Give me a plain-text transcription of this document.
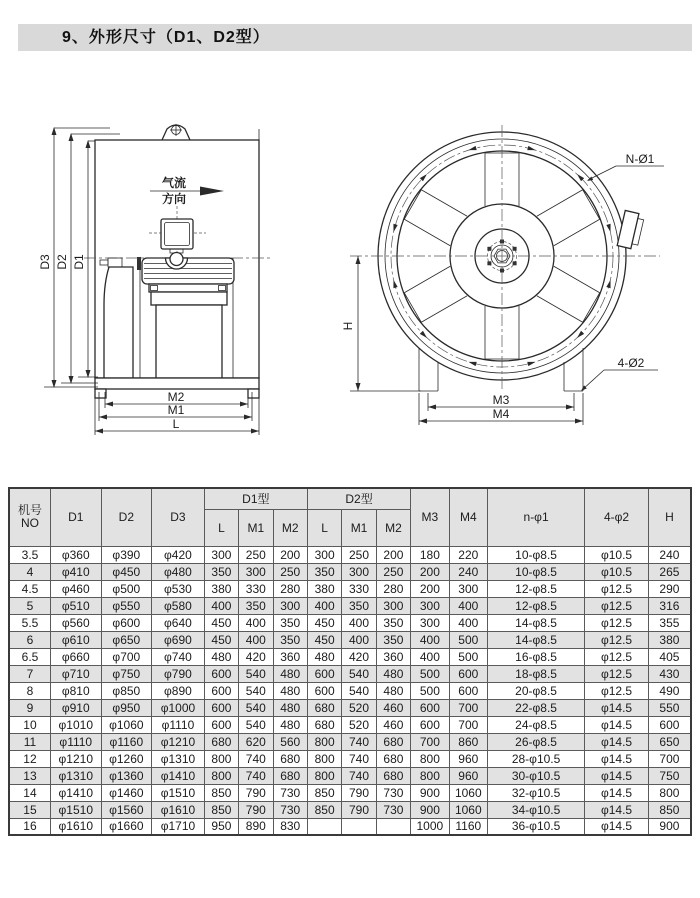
9、外形尺寸（D1、D2型）
气流
方向
D3 D2 D1
M2
M1
L
H
M3
M4
N-Ø1
4-Ø2
机号
NO	D1	D2	D3	D1型			D2型			M3	M4	n-φ1	4-φ2	H
				L	M1	M2	L	M1	M2					
3.5	φ360	φ390	φ420	300	250	200	300	250	200	180	220	10-φ8.5	φ10.5	240
4	φ410	φ450	φ480	350	300	250	350	300	250	200	240	10-φ8.5	φ10.5	265
4.5	φ460	φ500	φ530	380	330	280	380	330	280	200	300	12-φ8.5	φ12.5	290
5	φ510	φ550	φ580	400	350	300	400	350	300	300	400	12-φ8.5	φ12.5	316
5.5	φ560	φ600	φ640	450	400	350	450	400	350	300	400	14-φ8.5	φ12.5	355
6	φ610	φ650	φ690	450	400	350	450	400	350	400	500	14-φ8.5	φ12.5	380
6.5	φ660	φ700	φ740	480	420	360	480	420	360	400	500	16-φ8.5	φ12.5	405
7	φ710	φ750	φ790	600	540	480	600	540	480	500	600	18-φ8.5	φ12.5	430
8	φ810	φ850	φ890	600	540	480	600	540	480	500	600	20-φ8.5	φ12.5	490
9	φ910	φ950	φ1000	600	540	480	680	520	460	600	700	22-φ8.5	φ14.5	550
10	φ1010	φ1060	φ1110	600	540	480	680	520	460	600	700	24-φ8.5	φ14.5	600
11	φ1110	φ1160	φ1210	680	620	560	800	740	680	700	860	26-φ8.5	φ14.5	650
12	φ1210	φ1260	φ1310	800	740	680	800	740	680	800	960	28-φ10.5	φ14.5	700
13	φ1310	φ1360	φ1410	800	740	680	800	740	680	800	960	30-φ10.5	φ14.5	750
14	φ1410	φ1460	φ1510	850	790	730	850	790	730	900	1060	32-φ10.5	φ14.5	800
15	φ1510	φ1560	φ1610	850	790	730	850	790	730	900	1060	34-φ10.5	φ14.5	850
16	φ1610	φ1660	φ1710	950	890	830				1000	1160	36-φ10.5	φ14.5	900
